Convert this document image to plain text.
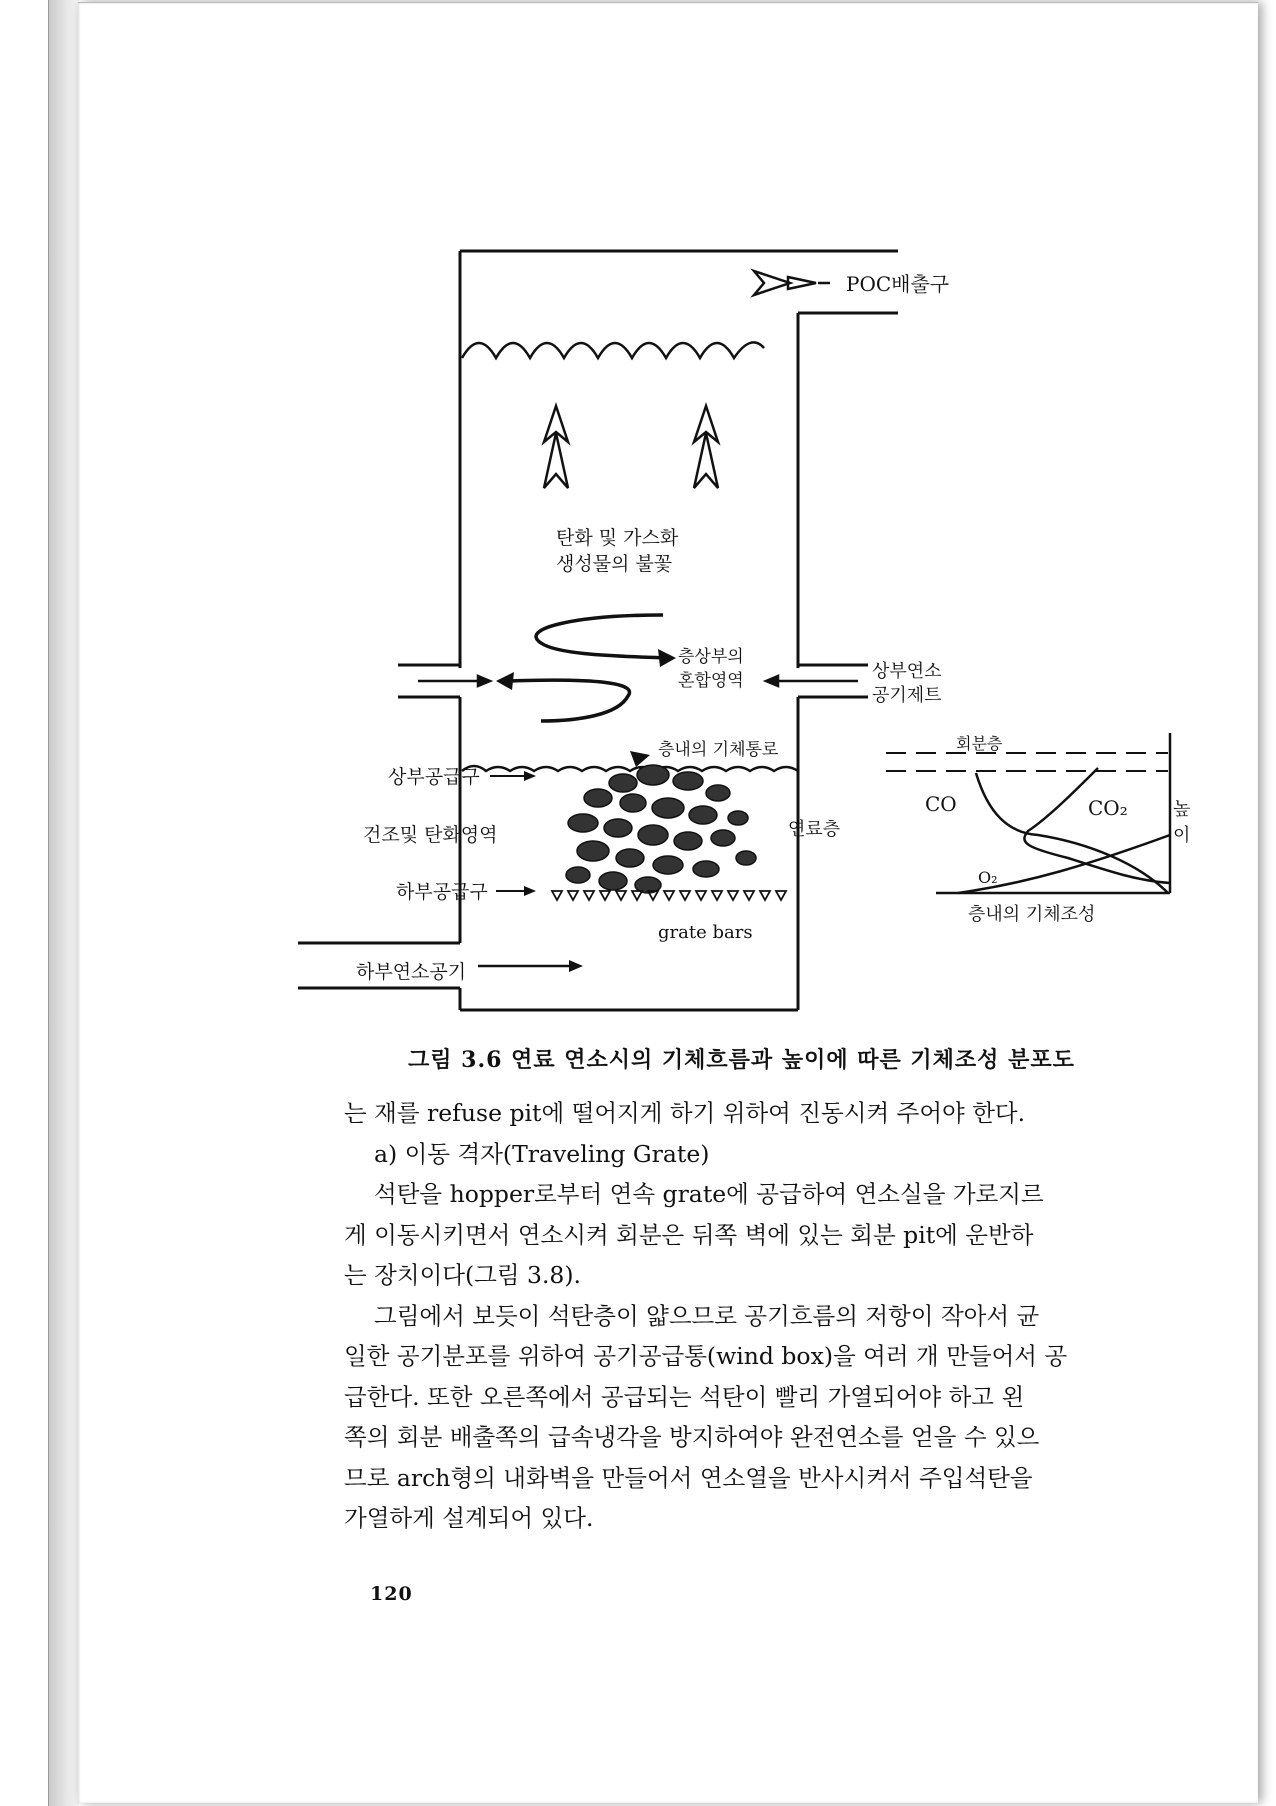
POC배출구
탄화 및 가스화
생성물의 불꽃
층상부의
혼합영역	상부연소
공기제트
층내의 기체통로
연료층
grate bars
상부공급구
건조및 탄화영역
하부공급구
하부연소공기
회분층
CO	CO₂
O₂
높
이
층내의 기체조성
그림 3.6 연료 연소시의 기체흐름과 높이에 따른 기체조성 분포도

는 재를 refuse pit에 떨어지게 하기 위하여 진동시켜 주어야 한다.

a) 이동 격자(Traveling Grate)

석탄을 hopper로부터 연속 grate에 공급하여 연소실을 가로지르
게 이동시키면서 연소시켜 회분은 뒤쪽 벽에 있는 회분 pit에 운반하
는 장치이다(그림 3.8).

그림에서 보듯이 석탄층이 얇으므로 공기흐름의 저항이 작아서 균
일한 공기분포를 위하여 공기공급통(wind box)을 여러 개 만들어서 공
급한다. 또한 오른쪽에서 공급되는 석탄이 빨리 가열되어야 하고 왼
쪽의 회분 배출쪽의 급속냉각을 방지하여야 완전연소를 얻을 수 있으
므로 arch형의 내화벽을 만들어서 연소열을 반사시켜서 주입석탄을
가열하게 설계되어 있다.

120
